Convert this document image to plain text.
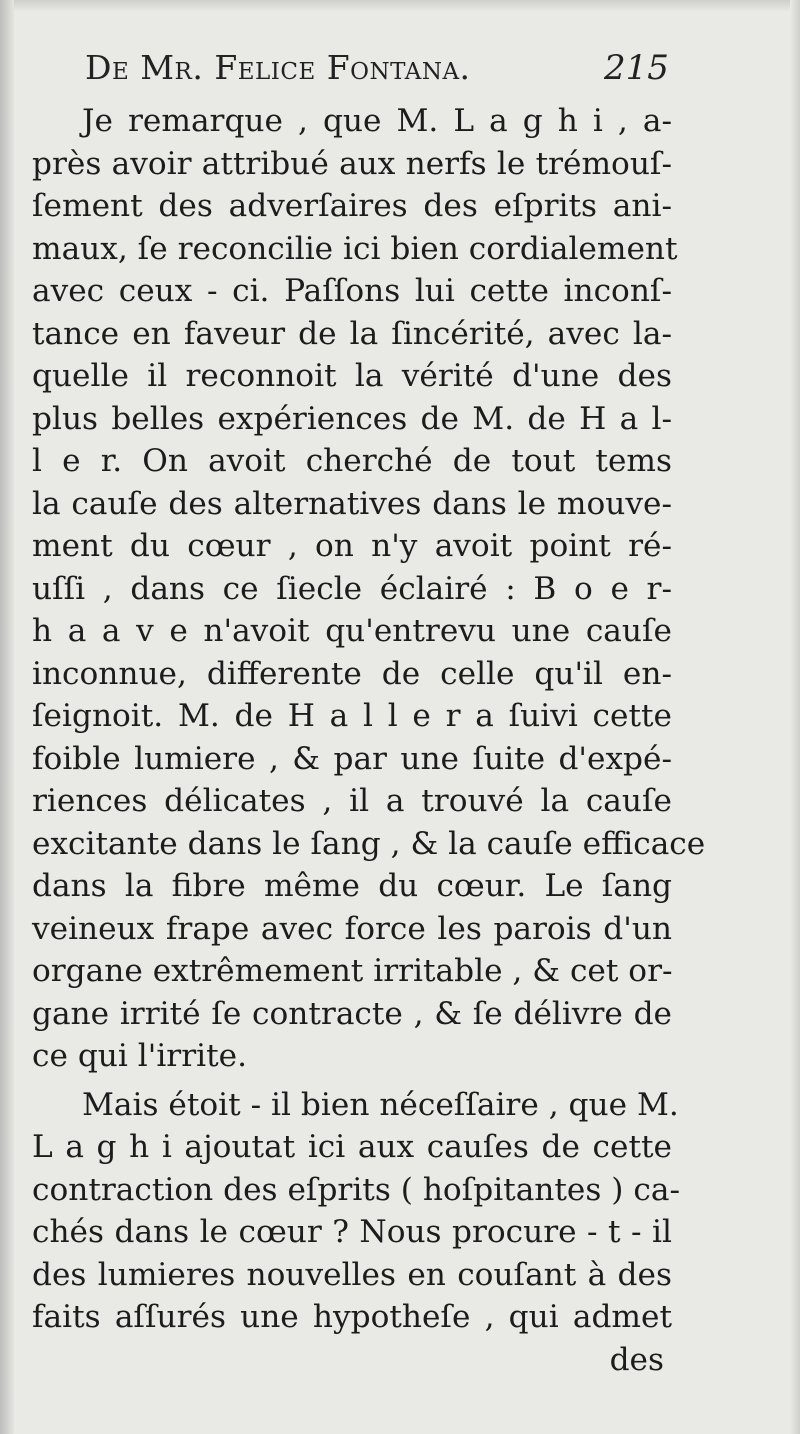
De Mr. Felice Fontana.	215
Je remarque , que M. L a g h i , a-
près avoir attribué aux nerfs le trémouſ-
ſement des adverſaires des eſprits ani-
maux, ſe reconcilie ici bien cordialement
avec ceux - ci. Paſſons lui cette inconſ-
tance en faveur de la ſincérité, avec la-
quelle il reconnoit la vérité d'une des
plus belles expériences de M. de H a l-
l e r. On avoit cherché de tout tems
la cauſe des alternatives dans le mouve-
ment du cœur , on n'y avoit point ré-
uſſi , dans ce ſiecle éclairé : B o e r-
h a a v e n'avoit qu'entrevu une cauſe
inconnue, differente de celle qu'il en-
ſeignoit. M. de H a l l e r a ſuivi cette
foible lumiere , & par une ſuite d'expé-
riences délicates , il a trouvé la cauſe
excitante dans le ſang , & la cauſe efficace
dans la fibre même du cœur. Le ſang
veineux frape avec force les parois d'un
organe extrêmement irritable , & cet or-
gane irrité ſe contracte , & ſe délivre de
ce qui l'irrite.
Mais étoit - il bien néceſſaire , que M.
L a g h i ajoutat ici aux cauſes de cette
contraction des eſprits ( hoſpitantes ) ca-
chés dans le cœur ? Nous procure - t - il
des lumieres nouvelles en couſant à des
faits aſſurés une hypotheſe , qui admet
des
